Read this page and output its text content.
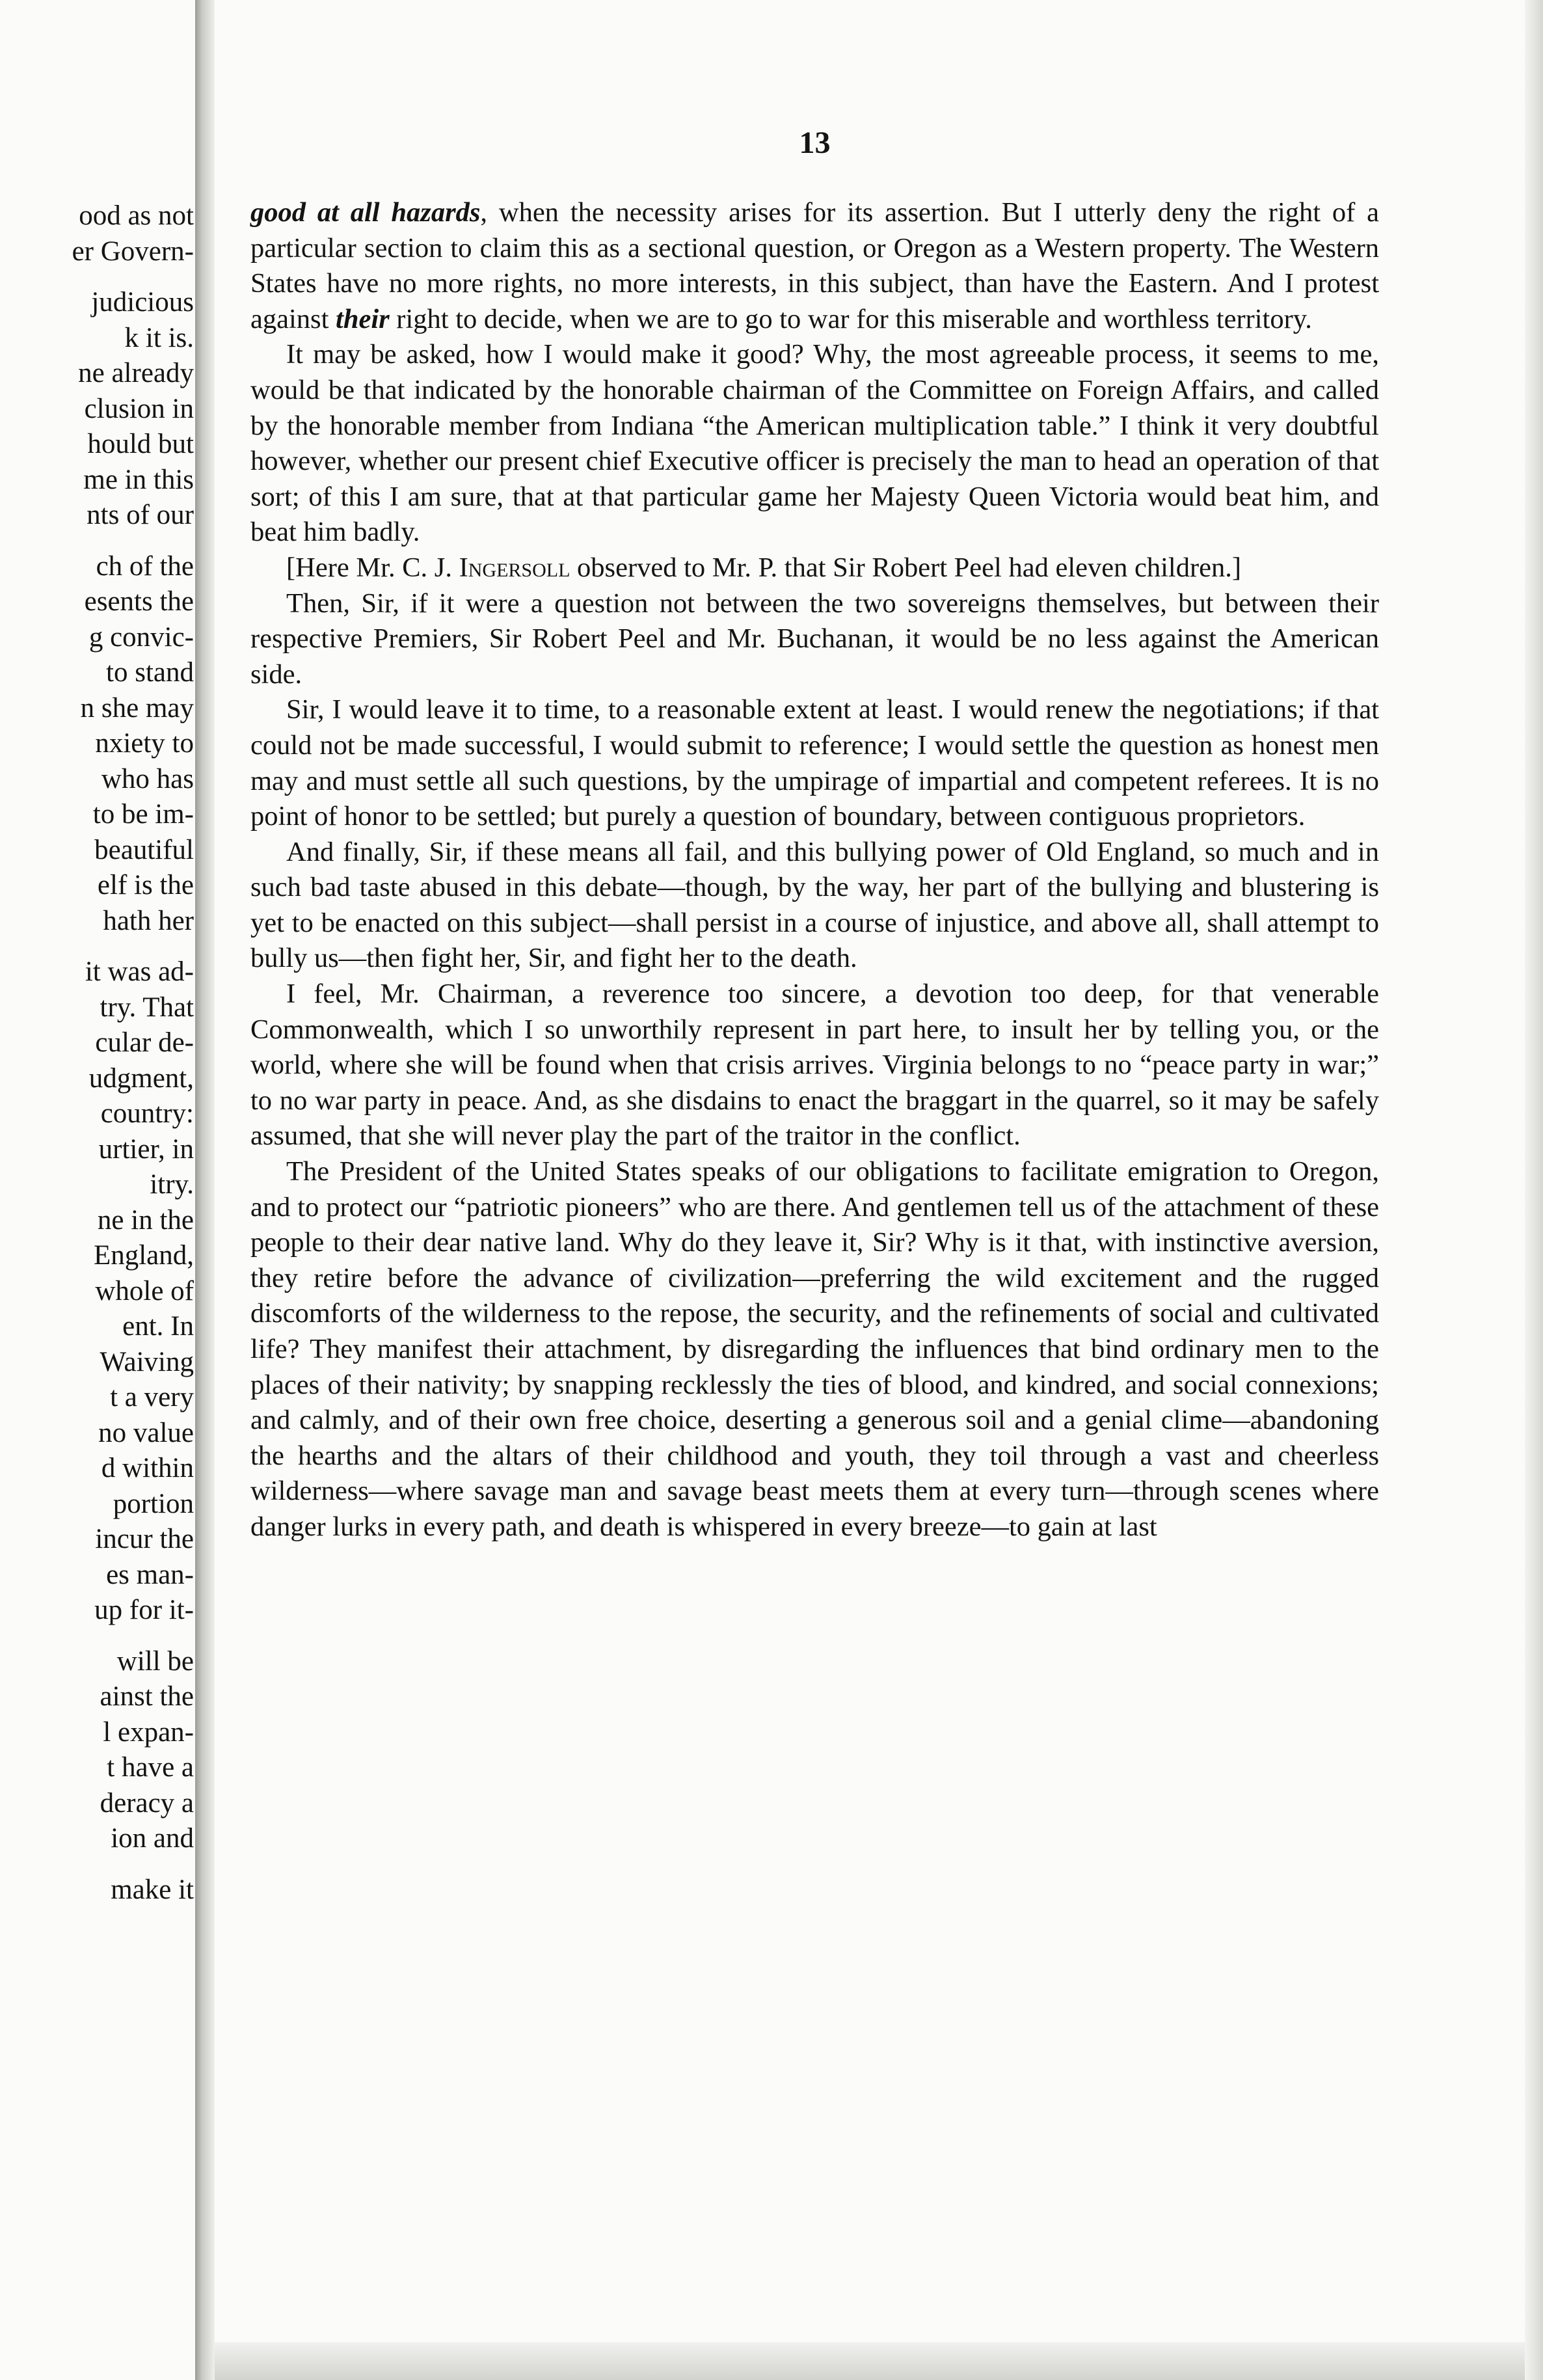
ood as not
er Govern-
judicious
k it is.
ne already
clusion in
hould but
me in this
nts of our
ch of the
esents the
g convic-
to stand
n she may
nxiety to
who has
to be im-
beautiful
elf is the
hath her
it was ad-
try. That
cular de-
udgment,
country:
urtier, in
itry.
ne in the
England,
whole of
ent. In
Waiving
t a very
no value
d within
portion
incur the
es man-
up for it-
will be
ainst the
l expan-
t have a
deracy a
ion and
make it
13

good at all hazards, when the necessity arises for its assertion. But I utterly deny the right of a particular section to claim this as a sectional question, or Oregon as a Western property. The Western States have no more rights, no more interests, in this subject, than have the Eastern. And I protest against their right to decide, when we are to go to war for this miserable and worthless territory.

It may be asked, how I would make it good? Why, the most agreeable process, it seems to me, would be that indicated by the honorable chairman of the Committee on Foreign Affairs, and called by the honorable member from Indiana “the American multiplication table.” I think it very doubtful however, whether our present chief Executive officer is precisely the man to head an operation of that sort; of this I am sure, that at that particular game her Majesty Queen Victoria would beat him, and beat him badly.

[Here Mr. C. J. Ingersoll observed to Mr. P. that Sir Robert Peel had eleven children.]

Then, Sir, if it were a question not between the two sovereigns themselves, but between their respective Premiers, Sir Robert Peel and Mr. Buchanan, it would be no less against the American side.

Sir, I would leave it to time, to a reasonable extent at least. I would renew the negotiations; if that could not be made successful, I would submit to reference; I would settle the question as honest men may and must settle all such questions, by the umpirage of impartial and competent referees. It is no point of honor to be settled; but purely a question of boundary, between contiguous proprietors.

And finally, Sir, if these means all fail, and this bullying power of Old England, so much and in such bad taste abused in this debate—though, by the way, her part of the bullying and blustering is yet to be enacted on this subject—shall persist in a course of injustice, and above all, shall attempt to bully us—then fight her, Sir, and fight her to the death.

I feel, Mr. Chairman, a reverence too sincere, a devotion too deep, for that venerable Commonwealth, which I so unworthily represent in part here, to insult her by telling you, or the world, where she will be found when that crisis arrives. Virginia belongs to no “peace party in war;” to no war party in peace. And, as she disdains to enact the braggart in the quarrel, so it may be safely assumed, that she will never play the part of the traitor in the conflict.

The President of the United States speaks of our obligations to facilitate emigration to Oregon, and to protect our “patriotic pioneers” who are there. And gentlemen tell us of the attachment of these people to their dear native land. Why do they leave it, Sir? Why is it that, with instinctive aversion, they retire before the advance of civilization—preferring the wild excitement and the rugged discomforts of the wilderness to the repose, the security, and the refinements of social and cultivated life? They manifest their attachment, by disregarding the influences that bind ordinary men to the places of their nativity; by snapping recklessly the ties of blood, and kindred, and social connexions; and calmly, and of their own free choice, deserting a generous soil and a genial clime—abandoning the hearths and the altars of their childhood and youth, they toil through a vast and cheerless wilderness—where savage man and savage beast meets them at every turn—through scenes where danger lurks in every path, and death is whispered in every breeze—to gain at last
